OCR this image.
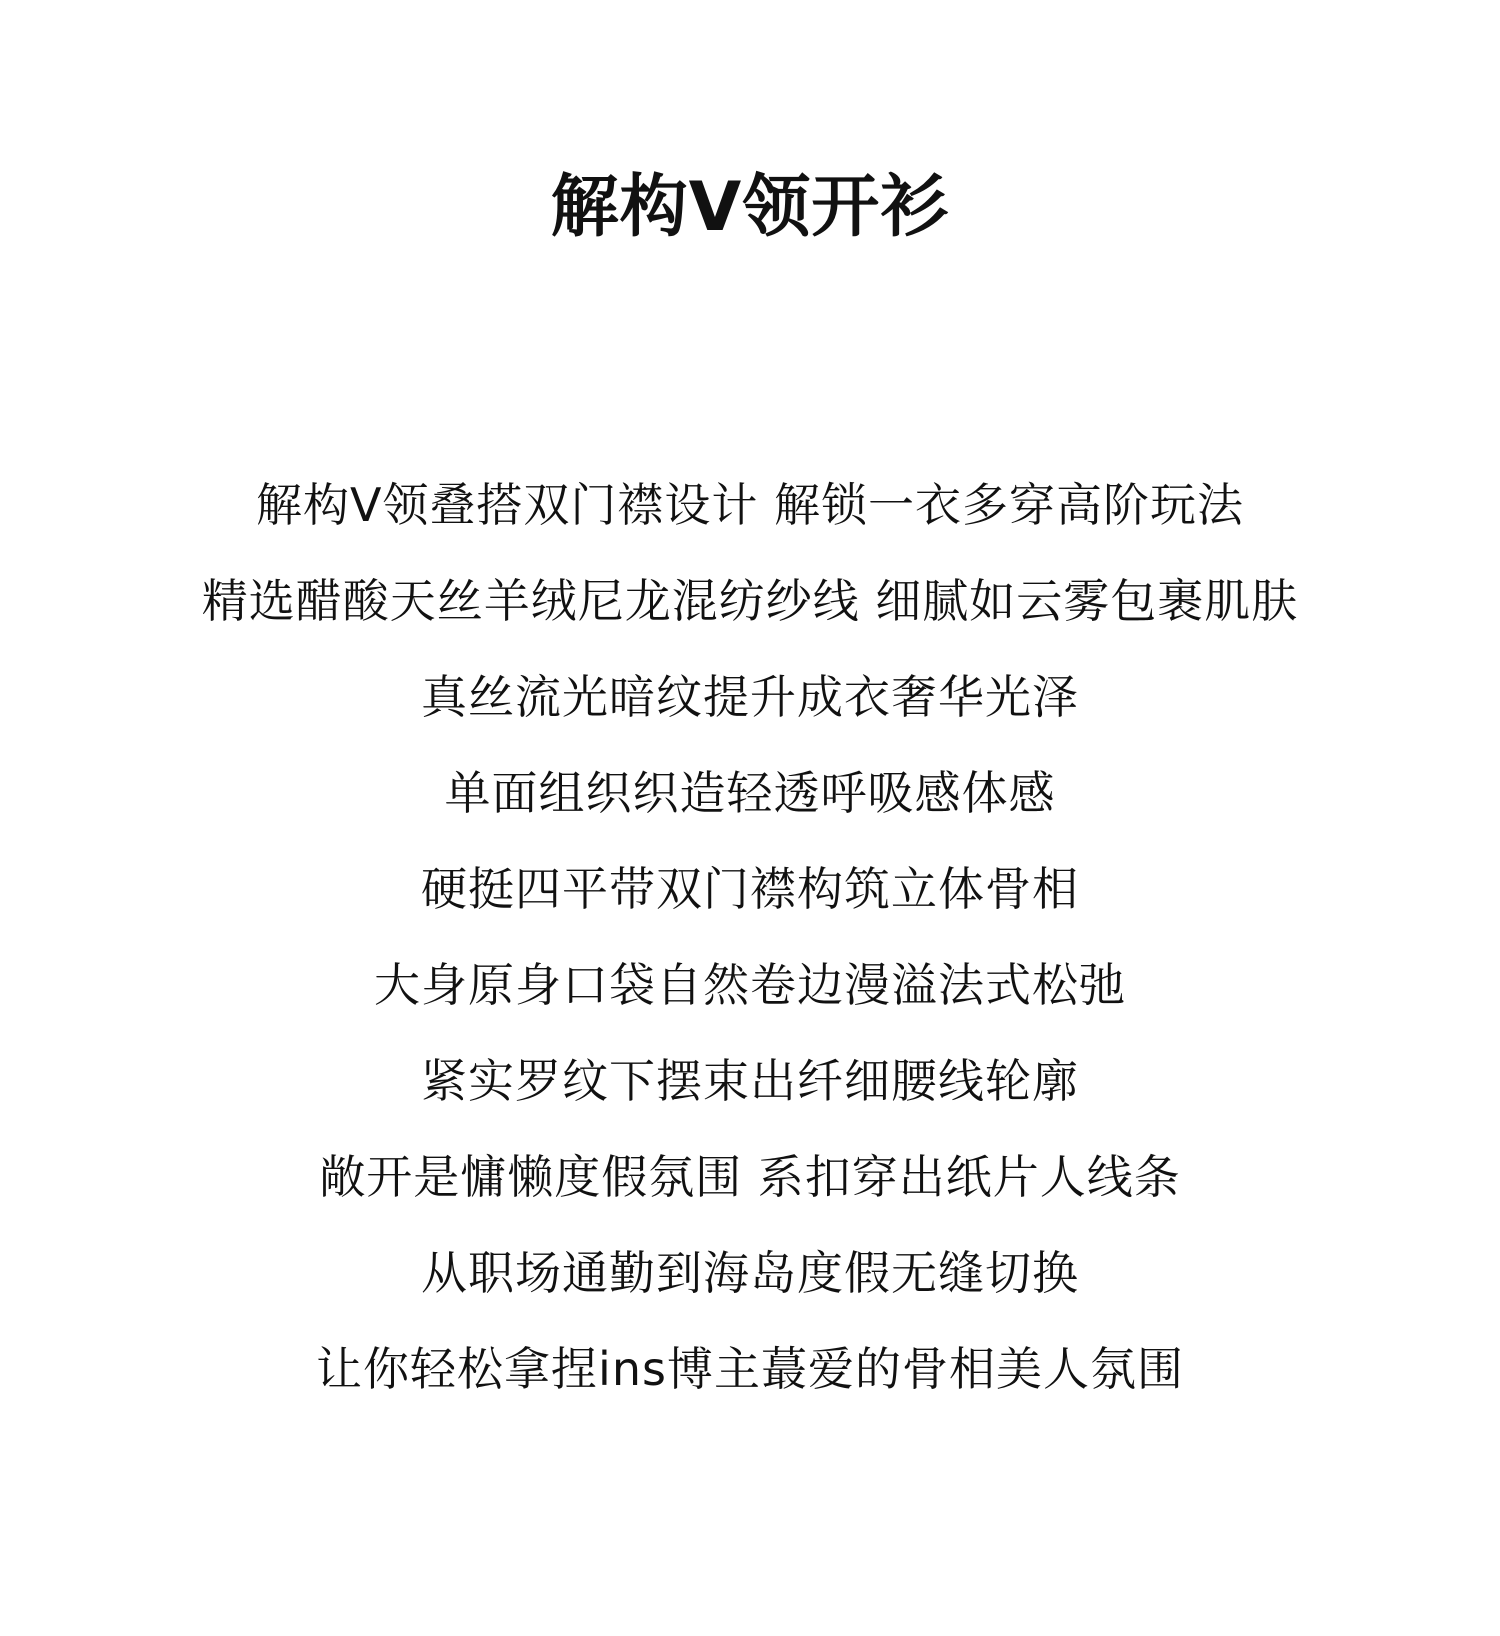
解构V领开衫
解构V领叠搭双门襟设计 解锁一衣多穿高阶玩法
精选醋酸天丝羊绒尼龙混纺纱线 细腻如云雾包裹肌肤
真丝流光暗纹提升成衣奢华光泽
单面组织织造轻透呼吸感体感
硬挺四平带双门襟构筑立体骨相
大身原身口袋自然卷边漫溢法式松弛
紧实罗纹下摆束出纤细腰线轮廓
敞开是慵懒度假氛围 系扣穿出纸片人线条
从职场通勤到海岛度假无缝切换
让你轻松拿捏ins博主蕞爱的骨相美人氛围
